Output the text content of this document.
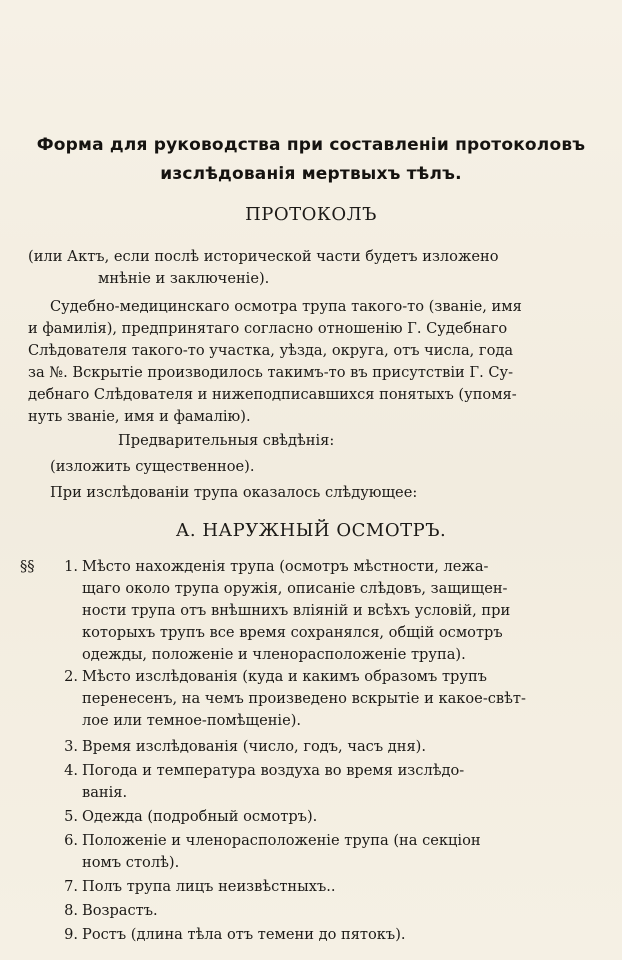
Форма для руководства при составленіи протоколовъ
изслѣдованія мертвыхъ тѣлъ.
ПРОТОКОЛЪ
(или Актъ, если послѣ исторической части будетъ изложено
мнѣніе и заключеніе).
Судебно-медицинскаго осмотра трупа такого-то (званіе, имя
и фамилія), предпринятаго согласно отношенію Г. Судебнаго
Слѣдователя такого-то участка, уѣзда, округа, отъ числа, года
за №. Вскрытіе производилось такимъ-то въ присутствіи Г. Су-
дебнаго Слѣдователя и нижеподписавшихся понятыхъ (упомя-
нуть званіе, имя и фамалію).
Предварительныя свѣдѣнія:
(изложить существенное).
При изслѣдованіи трупа оказалось слѣдующее:
А. НАРУЖНЫЙ ОСМОТРЪ.
§§	1. Мѣсто нахожденія трупа (осмотръ мѣстности, лежа-
щаго около трупа оружія, описаніе слѣдовъ, защищен-
ности трупа отъ внѣшнихъ вліяній и всѣхъ условій, при
которыхъ трупъ все время сохранялся, общій осмотръ
одежды, положеніе и членорасположеніе трупа).
2. Мѣсто изслѣдованія (куда и какимъ образомъ трупъ
перенесенъ, на чемъ произведено вскрытіе и какое-свѣт-
лое или темное-помѣщеніе).
3. Время изслѣдованія (число, годъ, часъ дня).
4. Погода и температура воздуха во время изслѣдо-
ванія.
5. Одежда (подробный осмотръ).
6. Положеніе и членорасположеніе трупа (на секціон
номъ столѣ).
7. Полъ трупа лицъ неизвѣстныхъ..
8. Возрастъ.
9. Ростъ (длина тѣла отъ темени до пятокъ).
